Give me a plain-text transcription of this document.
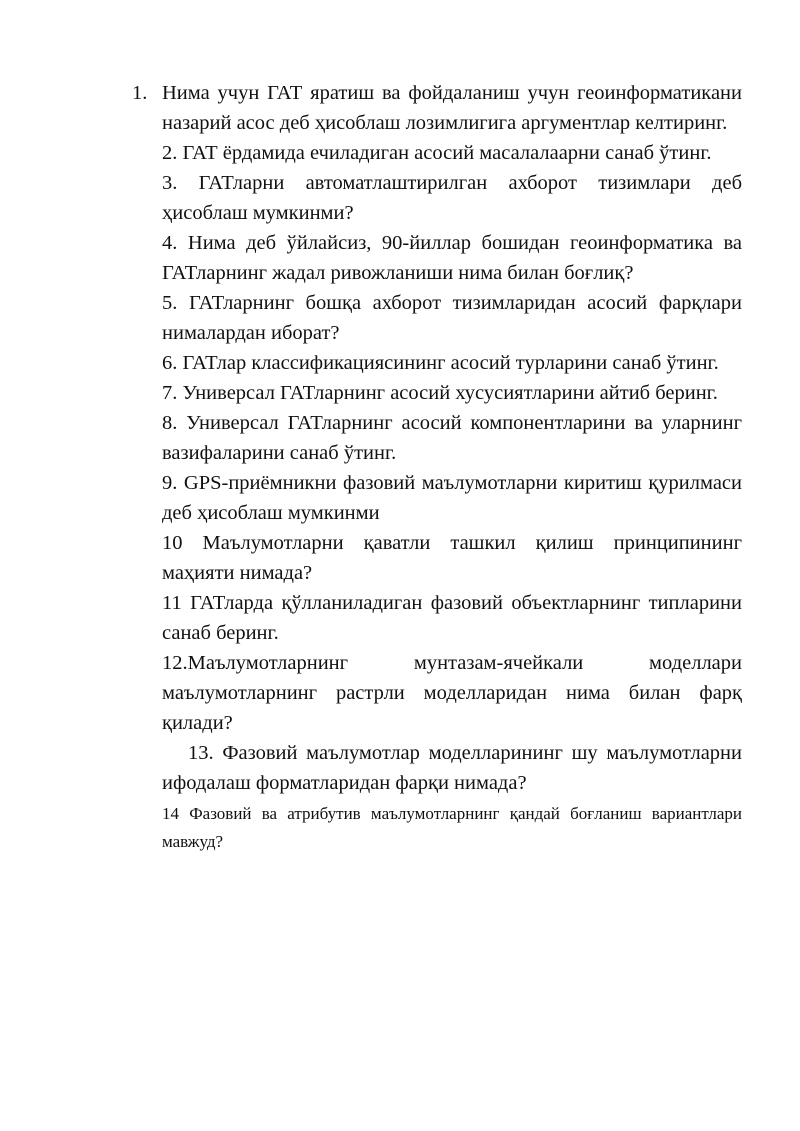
1. Нима учун ГАТ яратиш ва фойдаланиш учун геоинформатикани назарий асос деб ҳисоблаш лозимлигига аргументлар келтиринг.

2. ГАТ ёрдамида ечиладиган асосий масалалаарни санаб ўтинг.

3. ГАТларни автоматлаштирилган ахборот тизимлари деб ҳисоблаш мумкинми?

4. Нима деб ўйлайсиз, 90-йиллар бошидан геоинформатика ва ГАТларнинг жадал ривожланиши нима билан боғлиқ?

5. ГАТларнинг бошқа ахборот тизимларидан асосий фарқлари нималардан иборат?

6. ГАТлар классификациясининг асосий турларини санаб ўтинг.

7. Универсал ГАТларнинг асосий хусусиятларини айтиб беринг.

8. Универсал ГАТларнинг асосий компонентларини ва уларнинг вазифаларини санаб ўтинг.

9. GPS-приёмникни фазовий маълумотларни киритиш қурилмаси деб ҳисоблаш мумкинми

10 Маълумотларни қаватли ташкил қилиш принципининг маҳияти нимада?

11 ГАТларда қўлланиладиган фазовий объектларнинг типларини санаб беринг.

12.Маълумотларнинг мунтазам-ячейкали моделлари маълумотларнинг растрли моделларидан нима билан фарқ қилади?

13. Фазовий маълумотлар моделларининг шу маълумотларни ифодалаш форматларидан фарқи нимада?

14 Фазовий ва атрибутив маълумотларнинг қандай боғланиш вариантлари мавжуд?
